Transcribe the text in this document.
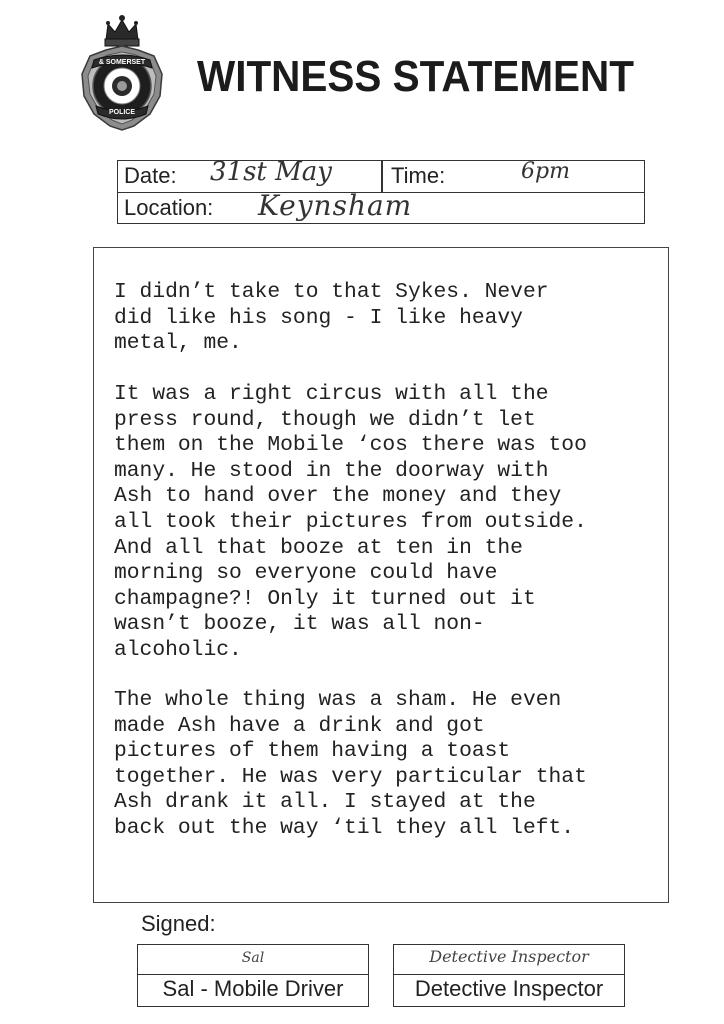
& SOMERSET
POLICE
WITNESS STATEMENT
Date: 31st May	Time:	6pm
Location: Keynsham

I didn’t take to that Sykes. Never
did like his song - I like heavy
metal, me.

It was a right circus with all the
press round, though we didn’t let
them on the Mobile ‘cos there was too
many. He stood in the doorway with
Ash to hand over the money and they
all took their pictures from outside.
And all that booze at ten in the
morning so everyone could have
champagne?! Only it turned out it
wasn’t booze, it was all non-
alcoholic.

The whole thing was a sham. He even
made Ash have a drink and got
pictures of them having a toast
together. He was very particular that
Ash drank it all. I stayed at the
back out the way ‘til they all left.

Signed:
Sal
Sal - Mobile Driver
Detective Inspector
Detective Inspector
